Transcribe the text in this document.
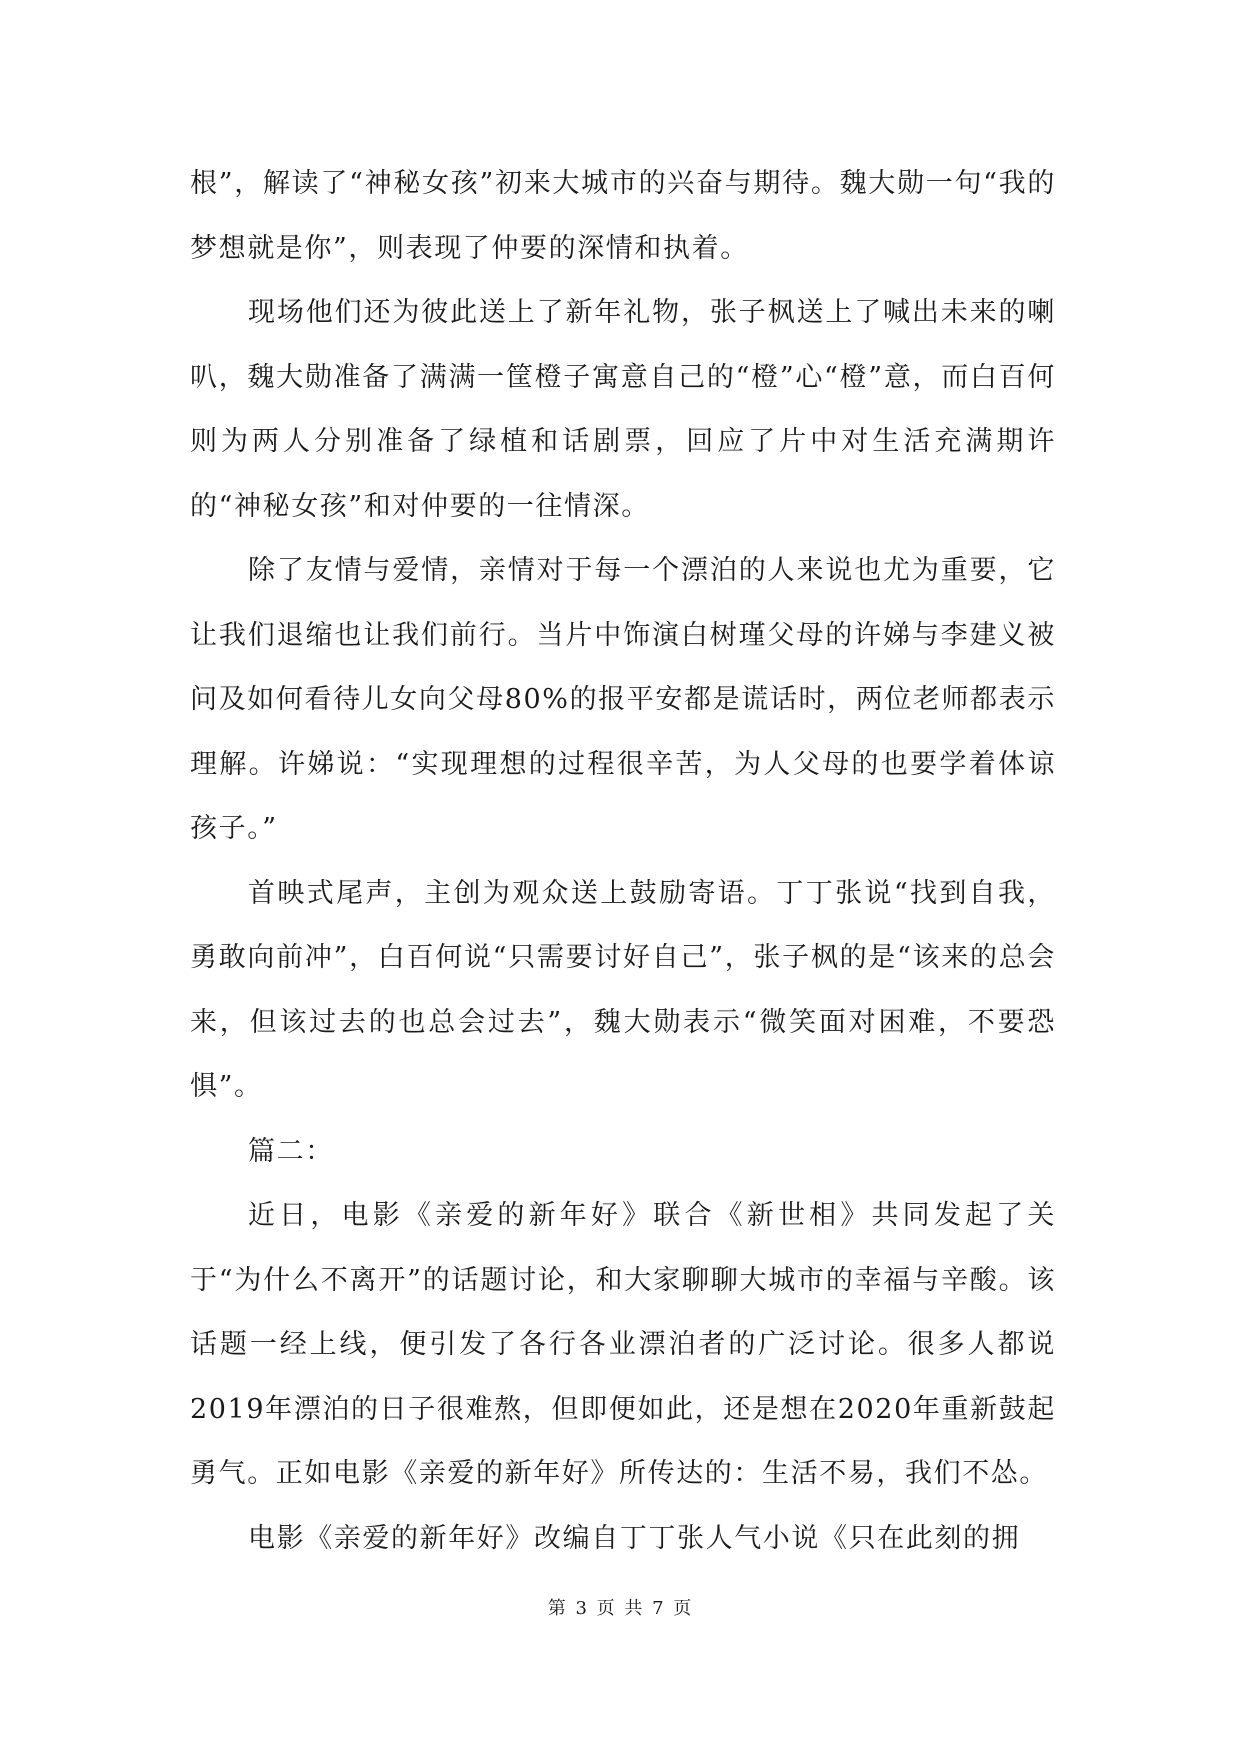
根”，解读了“神秘女孩”初来大城市的兴奋与期待。魏大勋一句“我的梦想就是你”，则表现了仲要的深情和执着。

现场他们还为彼此送上了新年礼物，张子枫送上了喊出未来的喇叭，魏大勋准备了满满一筐橙子寓意自己的“橙”心“橙”意，而白百何则为两人分别准备了绿植和话剧票，回应了片中对生活充满期许的“神秘女孩”和对仲要的一往情深。

除了友情与爱情，亲情对于每一个漂泊的人来说也尤为重要，它让我们退缩也让我们前行。当片中饰演白树瑾父母的许娣与李建义被问及如何看待儿女向父母80%的报平安都是谎话时，两位老师都表示理解。许娣说：“实现理想的过程很辛苦，为人父母的也要学着体谅孩子。”

首映式尾声，主创为观众送上鼓励寄语。丁丁张说“找到自我，勇敢向前冲”，白百何说“只需要讨好自己”，张子枫的是“该来的总会来，但该过去的也总会过去”，魏大勋表示“微笑面对困难，不要恐惧”。

篇二：

近日，电影《亲爱的新年好》联合《新世相》共同发起了关于“为什么不离开”的话题讨论，和大家聊聊大城市的幸福与辛酸。该话题一经上线，便引发了各行各业漂泊者的广泛讨论。很多人都说2019年漂泊的日子很难熬，但即便如此，还是想在2020年重新鼓起勇气。正如电影《亲爱的新年好》所传达的：生活不易，我们不怂。

电影《亲爱的新年好》改编自丁丁张人气小说《只在此刻的拥

第 3 页 共 7 页
